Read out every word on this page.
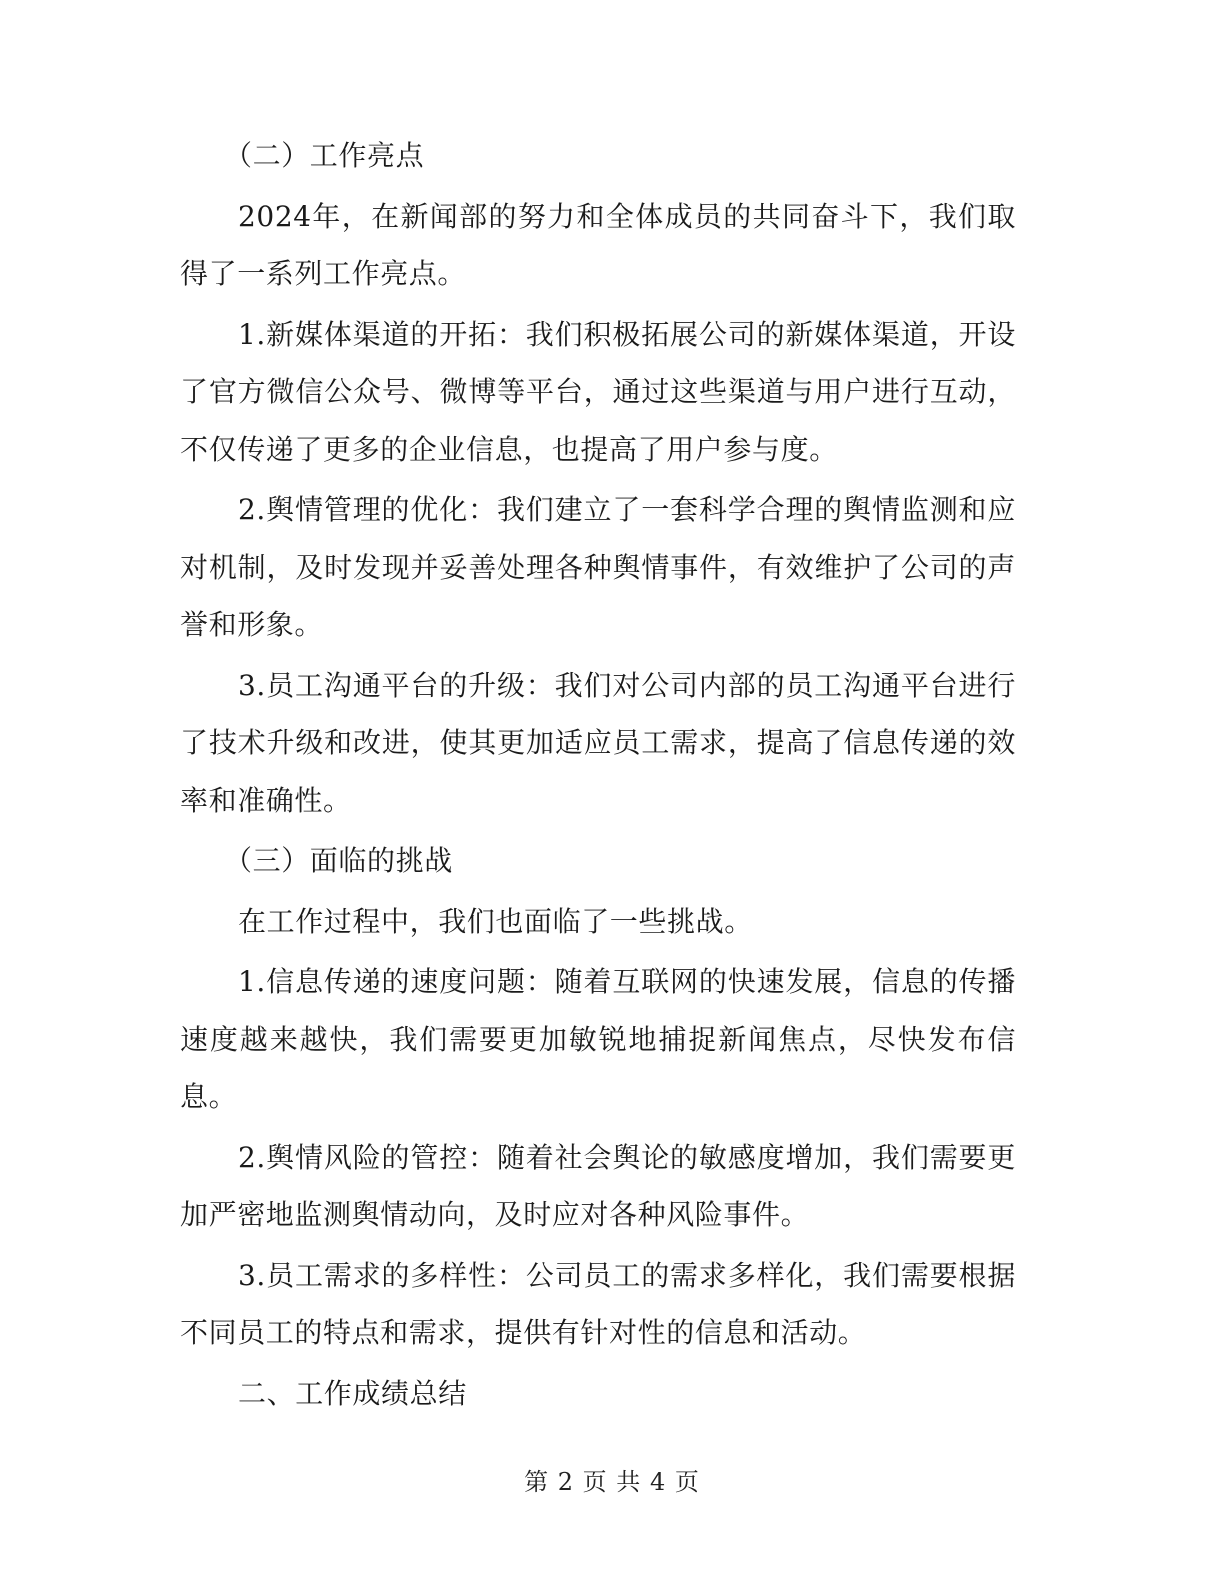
（二）工作亮点

2024年，在新闻部的努力和全体成员的共同奋斗下，我们取得了一系列工作亮点。

1.新媒体渠道的开拓：我们积极拓展公司的新媒体渠道，开设了官方微信公众号、微博等平台，通过这些渠道与用户进行互动，不仅传递了更多的企业信息，也提高了用户参与度。

2.舆情管理的优化：我们建立了一套科学合理的舆情监测和应对机制，及时发现并妥善处理各种舆情事件，有效维护了公司的声誉和形象。

3.员工沟通平台的升级：我们对公司内部的员工沟通平台进行了技术升级和改进，使其更加适应员工需求，提高了信息传递的效率和准确性。

（三）面临的挑战

在工作过程中，我们也面临了一些挑战。

1.信息传递的速度问题：随着互联网的快速发展，信息的传播速度越来越快，我们需要更加敏锐地捕捉新闻焦点，尽快发布信息。

2.舆情风险的管控：随着社会舆论的敏感度增加，我们需要更加严密地监测舆情动向，及时应对各种风险事件。

3.员工需求的多样性：公司员工的需求多样化，我们需要根据不同员工的特点和需求，提供有针对性的信息和活动。

二、工作成绩总结

第 2 页 共 4 页
